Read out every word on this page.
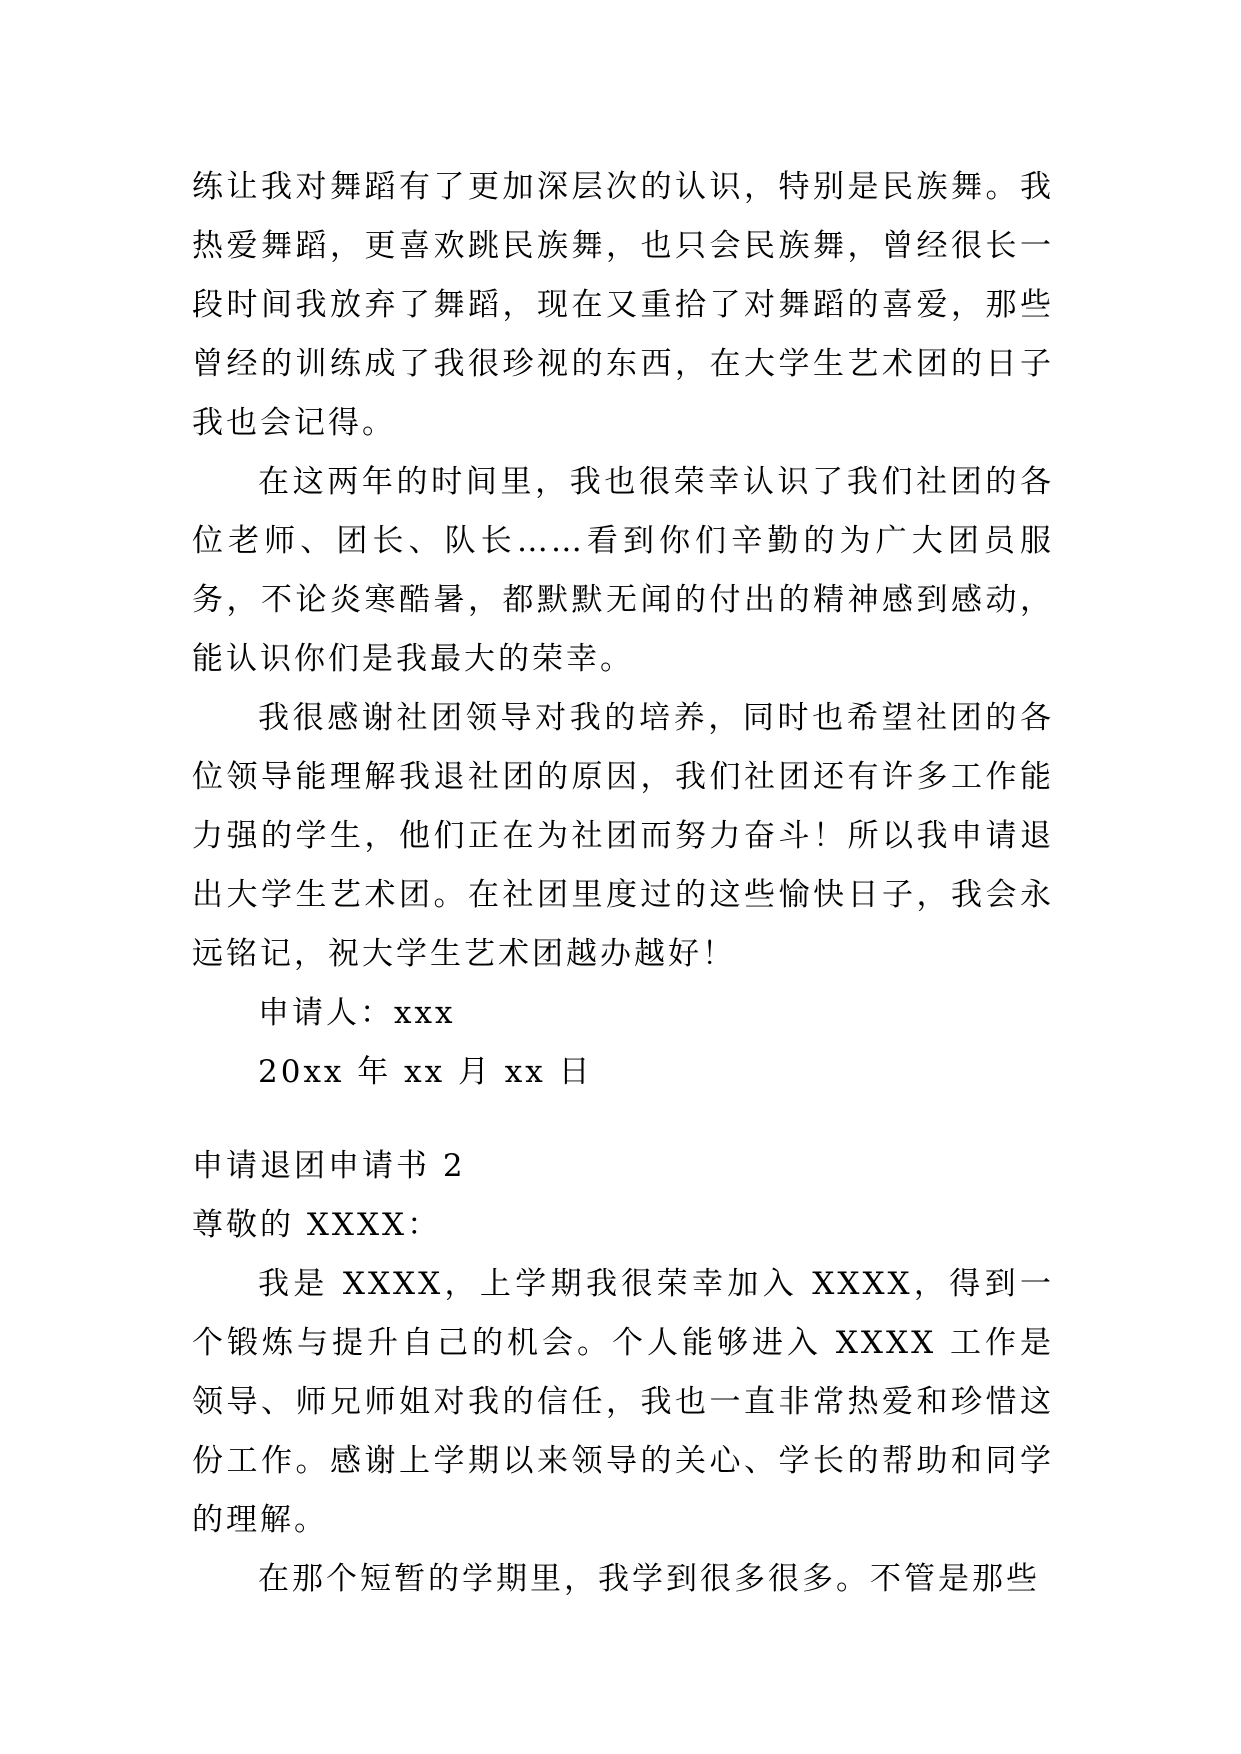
练让我对舞蹈有了更加深层次的认识，特别是民族舞。我热爱舞蹈，更喜欢跳民族舞，也只会民族舞，曾经很长一段时间我放弃了舞蹈，现在又重拾了对舞蹈的喜爱，那些曾经的训练成了我很珍视的东西，在大学生艺术团的日子我也会记得。

在这两年的时间里，我也很荣幸认识了我们社团的各位老师、团长、队长……看到你们辛勤的为广大团员服务，不论炎寒酷暑，都默默无闻的付出的精神感到感动，能认识你们是我最大的荣幸。

我很感谢社团领导对我的培养，同时也希望社团的各位领导能理解我退社团的原因，我们社团还有许多工作能力强的学生，他们正在为社团而努力奋斗！所以我申请退出大学生艺术团。在社团里度过的这些愉快日子，我会永远铭记，祝大学生艺术团越办越好！

申请人：xxx

20xx 年 xx 月 xx 日

申请退团申请书 2

尊敬的 XXXX：

我是 XXXX，上学期我很荣幸加入 XXXX，得到一个锻炼与提升自己的机会。个人能够进入 XXXX 工作是领导、师兄师姐对我的信任，我也一直非常热爱和珍惜这份工作。感谢上学期以来领导的关心、学长的帮助和同学的理解。

在那个短暂的学期里，我学到很多很多。不管是那些
